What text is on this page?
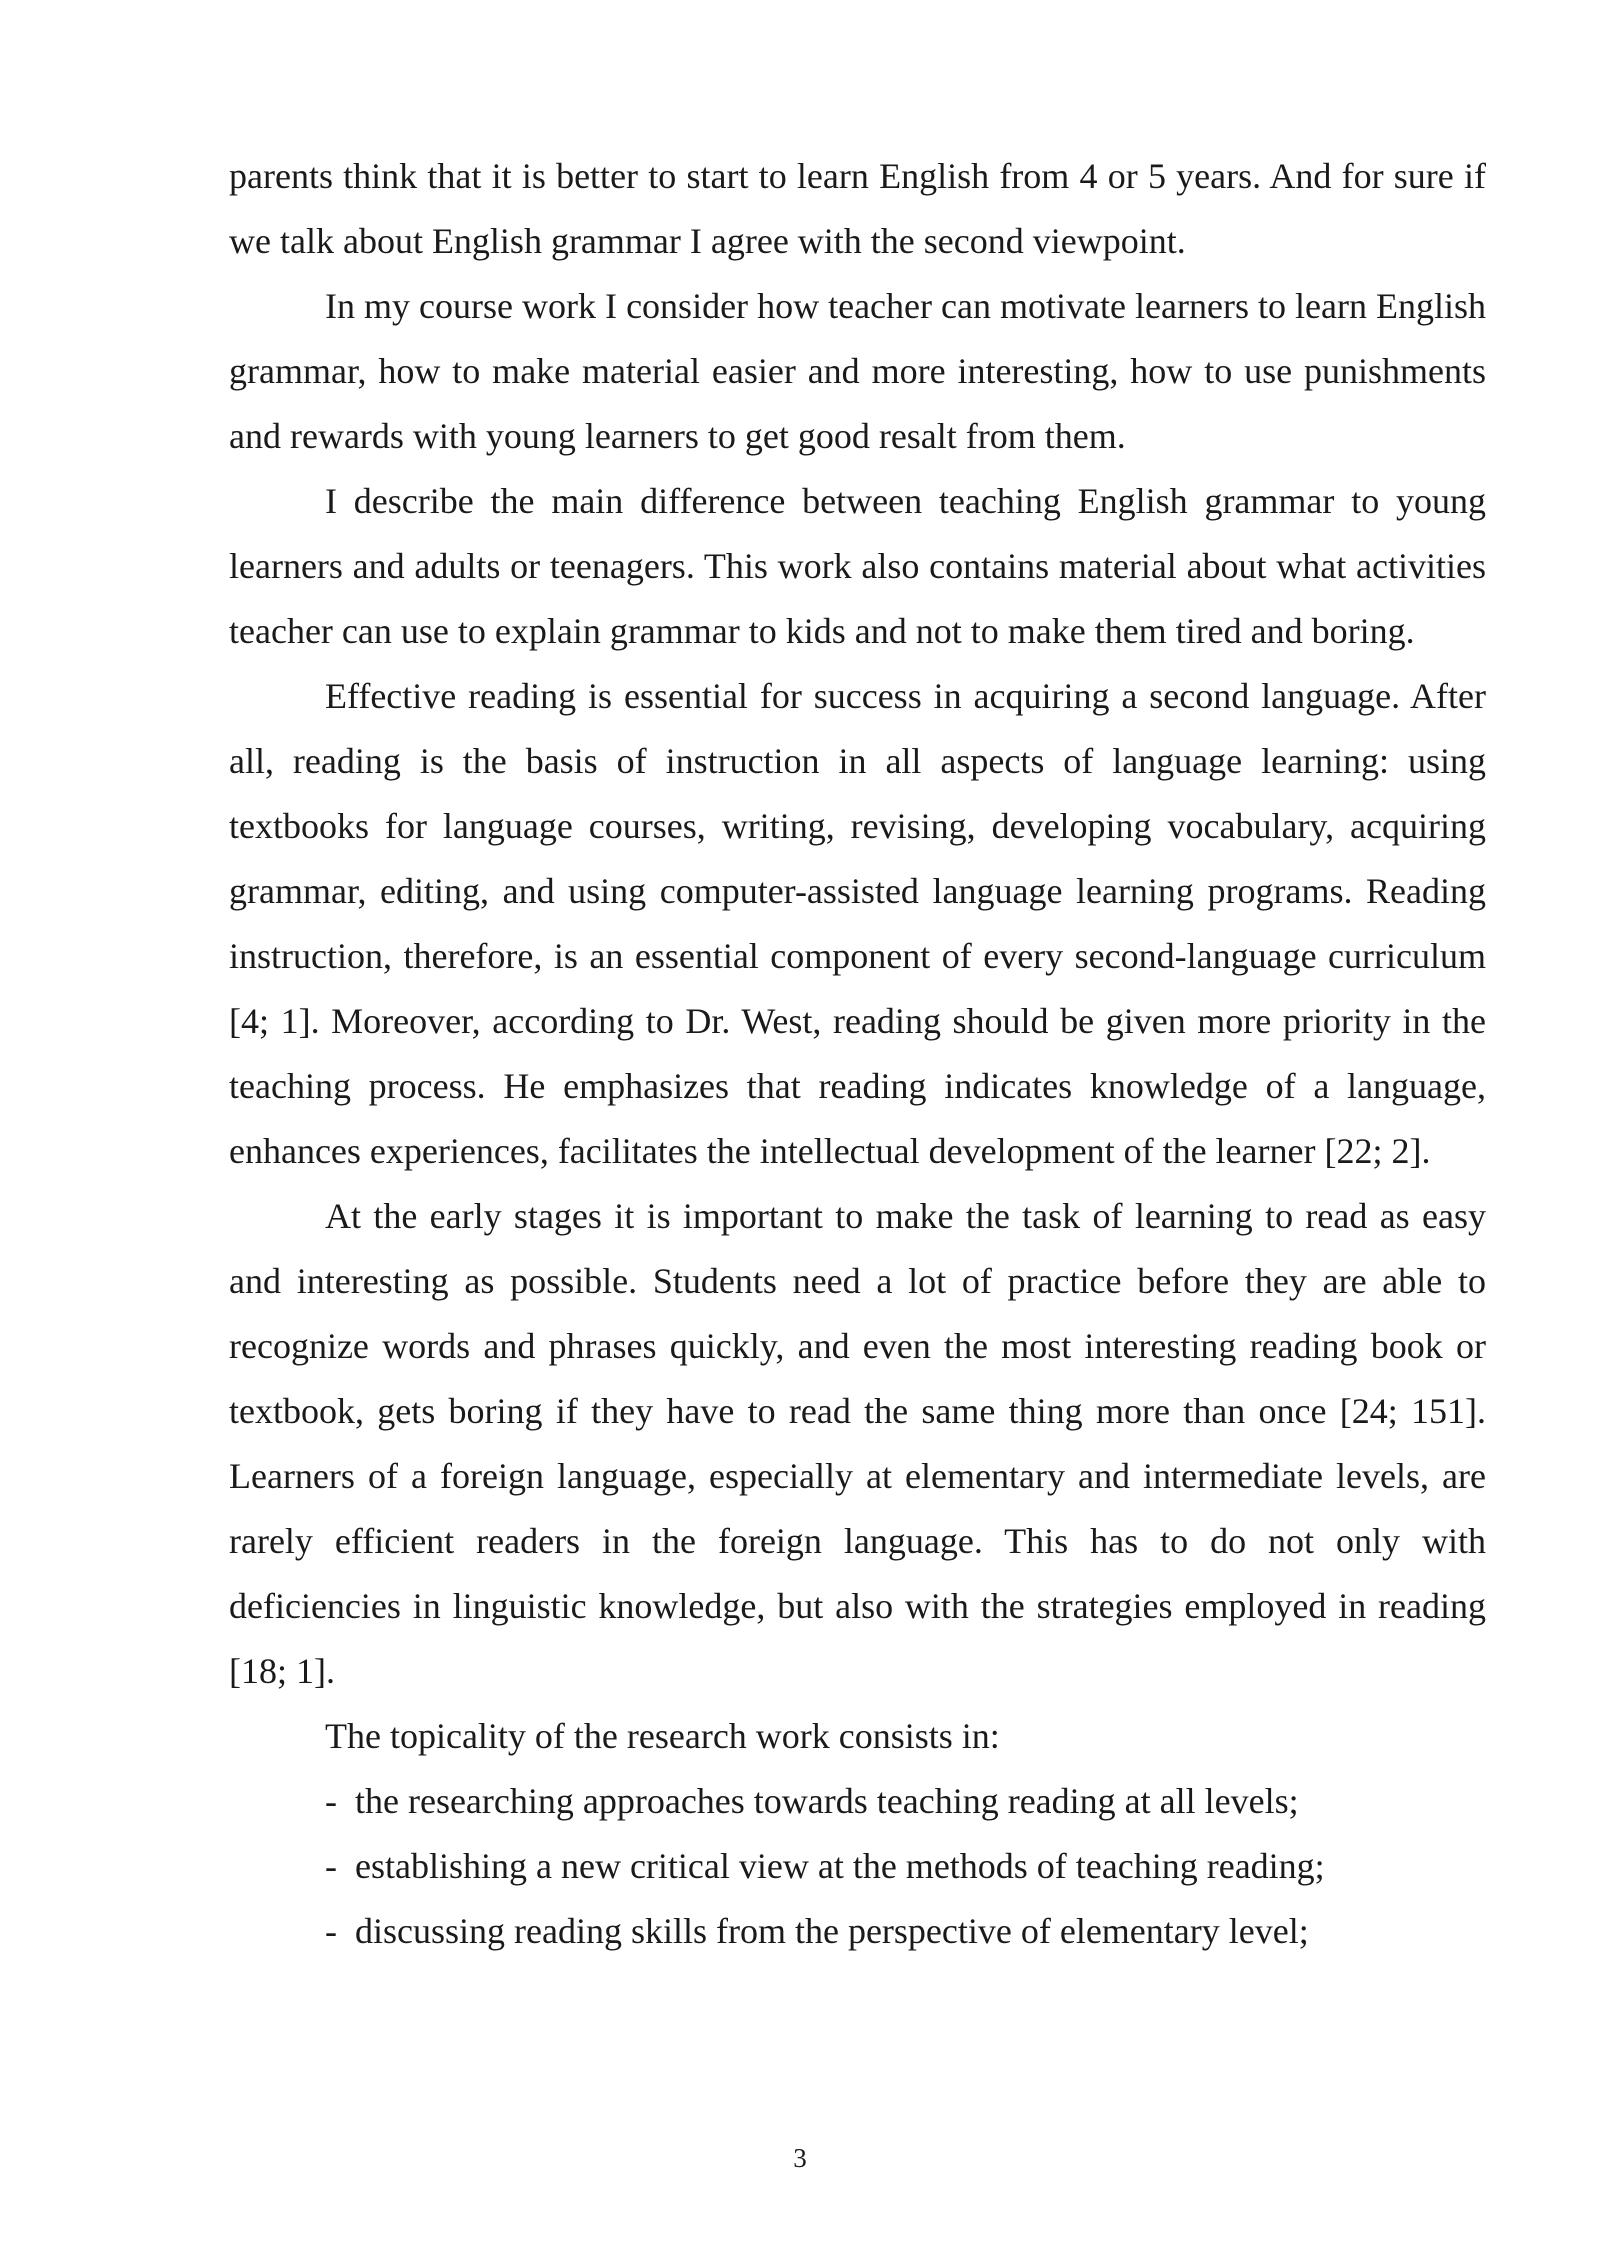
parents think that it is better to start to learn English from 4 or 5 years. And for sure if we talk about English grammar I agree with the second viewpoint.

In my course work I consider how teacher can motivate learners to learn English grammar, how to make material easier and more interesting, how to use punishments and rewards with young learners to get good resalt from them.

I describe the main difference between teaching English grammar to young learners and adults or teenagers. This work also contains material about what activities teacher can use to explain grammar to kids and not to make them tired and boring.

Effective reading is essential for success in acquiring a second language. After all, reading is the basis of instruction in all aspects of language learning: using textbooks for language courses, writing, revising, developing vocabulary, acquiring grammar, editing, and using computer-assisted language learning programs. Reading instruction, therefore, is an essential component of every second-language curriculum [4; 1]. Moreover, according to Dr. West, reading should be given more priority in the teaching process. He emphasizes that reading indicates knowledge of a language, enhances experiences, facilitates the intellectual development of the learner [22; 2].

At the early stages it is important to make the task of learning to read as easy and interesting as possible. Students need a lot of practice before they are able to recognize words and phrases quickly, and even the most interesting reading book or textbook, gets boring if they have to read the same thing more than once [24; 151]. Learners of a foreign language, especially at elementary and intermediate levels, are rarely efficient readers in the foreign language. This has to do not only with deficiencies in linguistic knowledge, but also with the strategies employed in reading [18; 1].

The topicality of the research work consists in:

- the researching approaches towards teaching reading at all levels;
- establishing a new critical view at the methods of teaching reading;
- discussing reading skills from the perspective of elementary level;
3
